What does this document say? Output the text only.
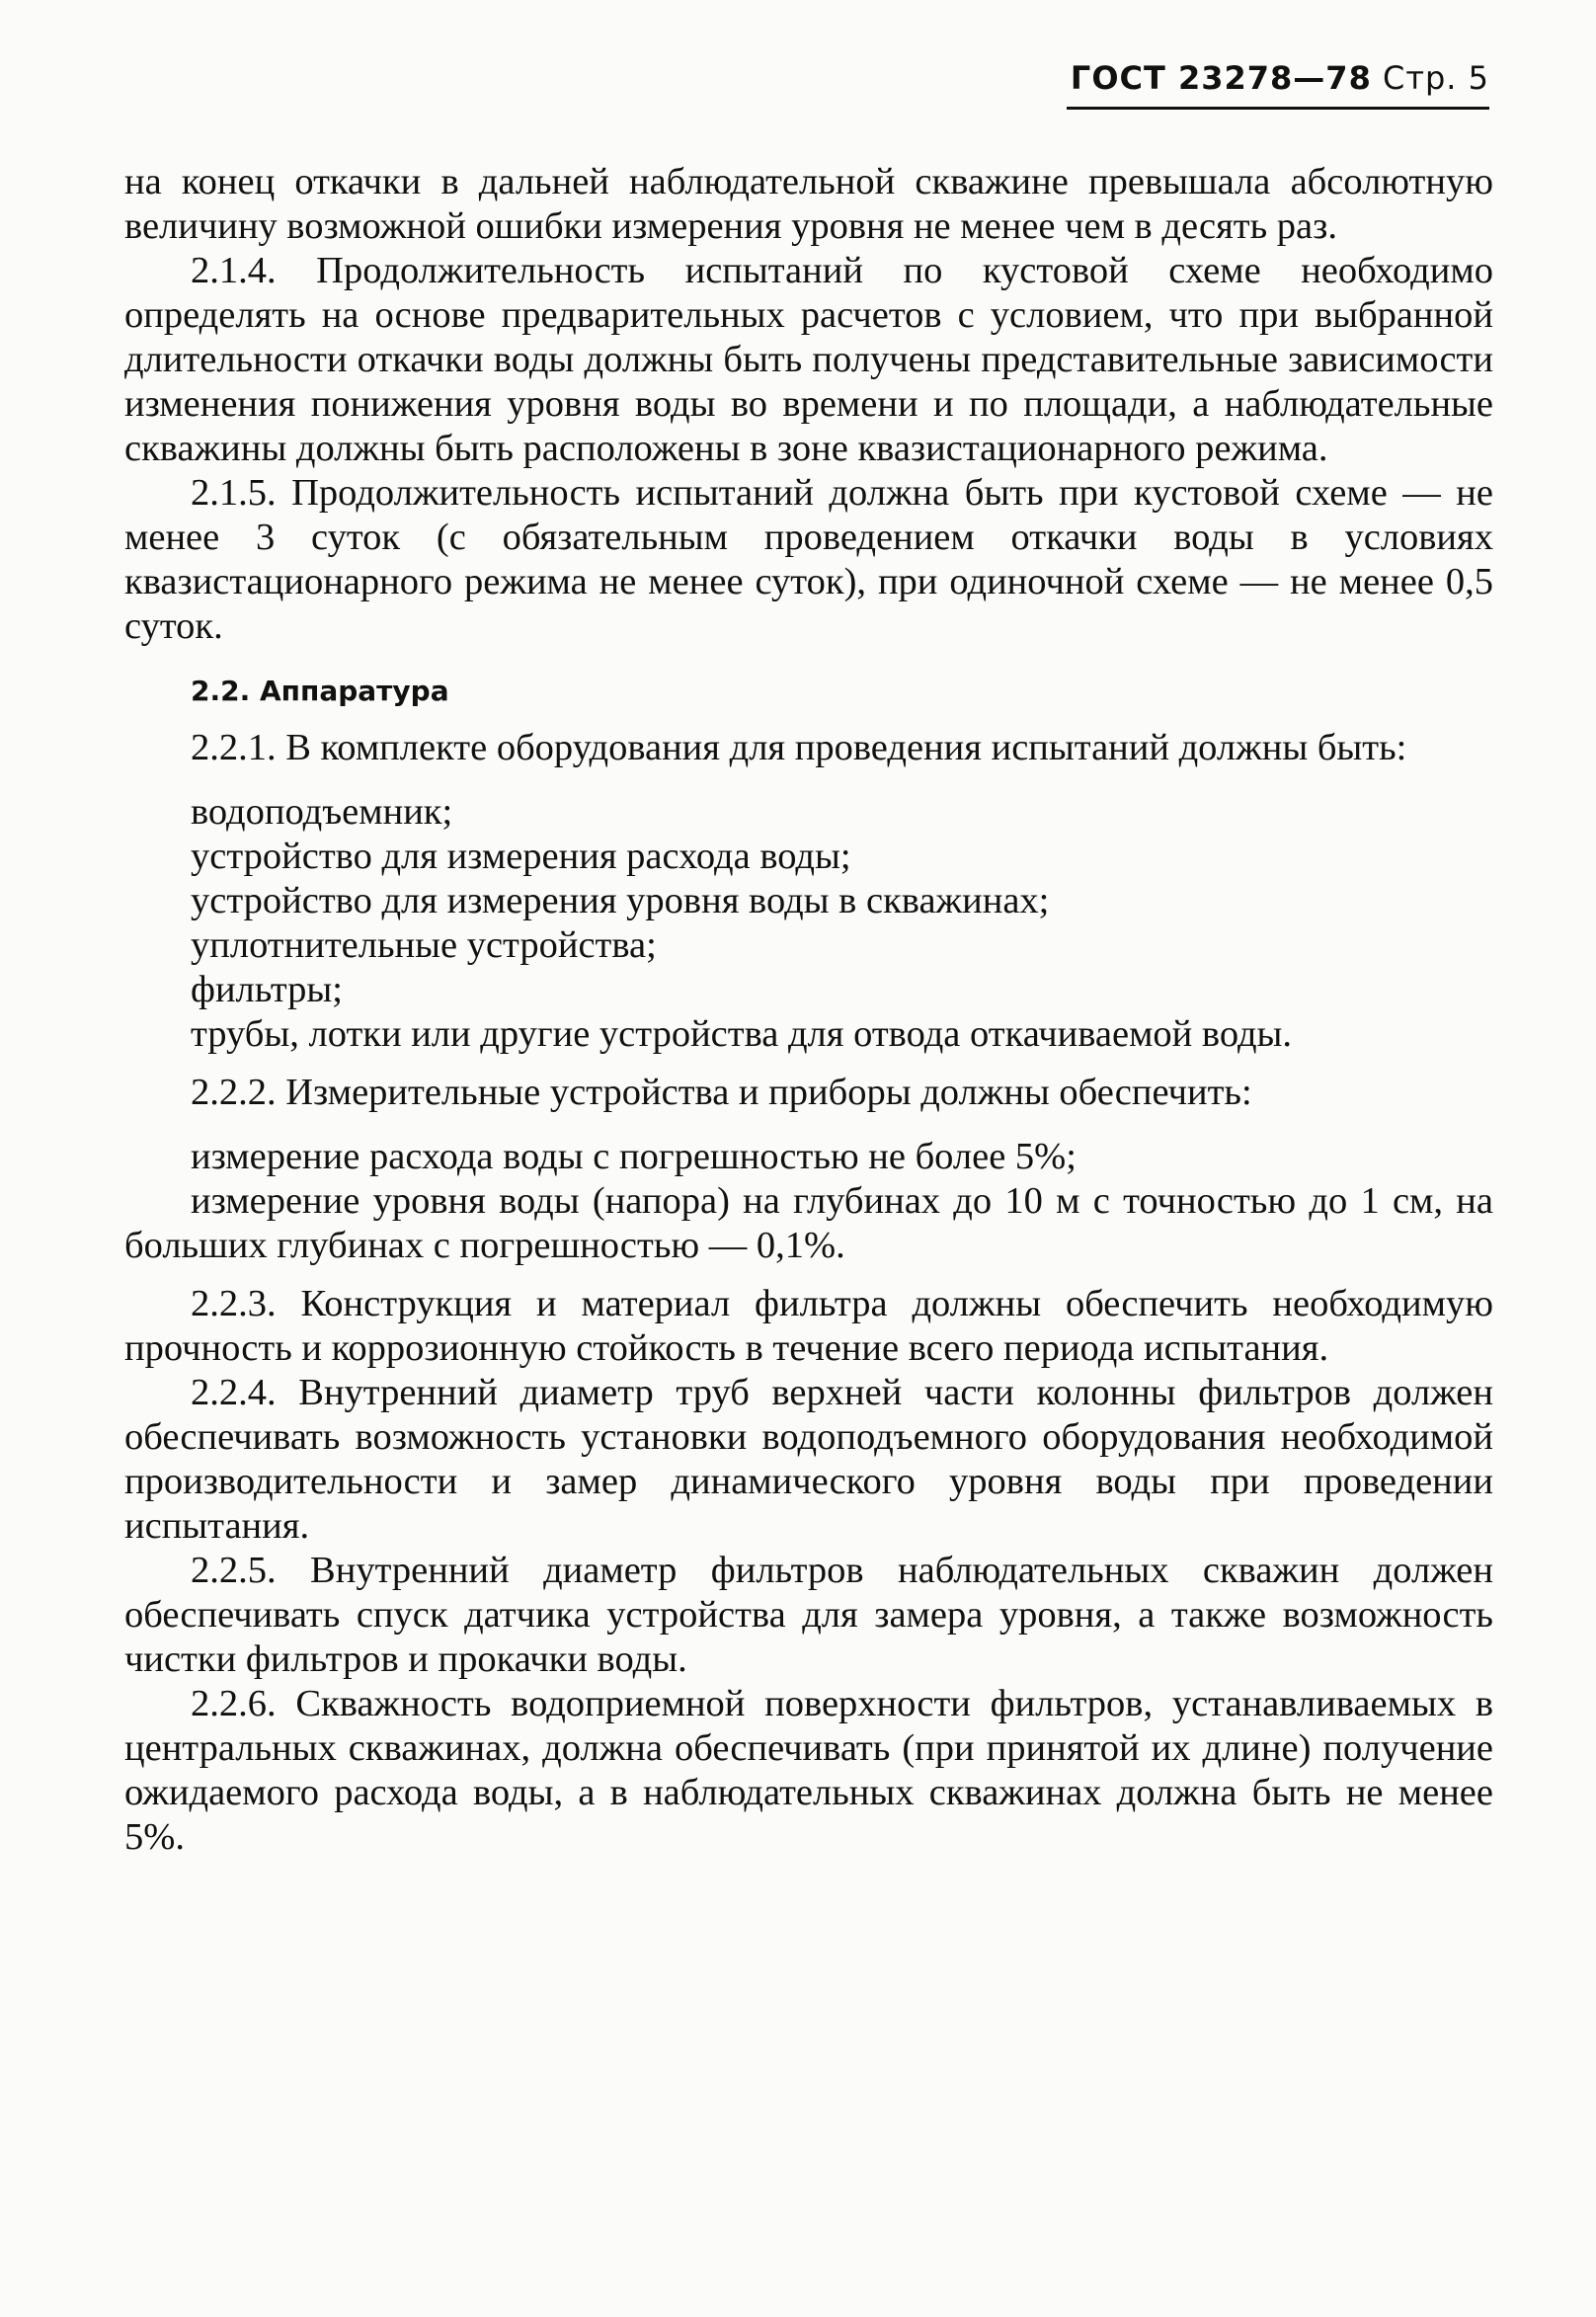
ГОСТ 23278—78 Стр. 5

на конец откачки в дальней наблюдательной скважине превышала абсолютную величину возможной ошибки измерения уровня не менее чем в десять раз.

2.1.4. Продолжительность испытаний по кустовой схеме необходимо определять на основе предварительных расчетов с условием, что при выбранной длительности откачки воды должны быть получены представительные зависимости изменения понижения уровня воды во времени и по площади, а наблюдательные скважины должны быть расположены в зоне квазистационарного режима.

2.1.5. Продолжительность испытаний должна быть при кустовой схеме — не менее 3 суток (с обязательным проведением откачки воды в условиях квазистационарного режима не менее суток), при одиночной схеме — не менее 0,5 суток.

2.2. Аппаратура

2.2.1. В комплекте оборудования для проведения испытаний должны быть:

водоподъемник;
устройство для измерения расхода воды;
устройство для измерения уровня воды в скважинах;
уплотнительные устройства;
фильтры;
трубы, лотки или другие устройства для отвода откачиваемой воды.

2.2.2. Измерительные устройства и приборы должны обеспечить:

измерение расхода воды с погрешностью не более 5%;
измерение уровня воды (напора) на глубинах до 10 м с точностью до 1 см, на больших глубинах с погрешностью — 0,1%.

2.2.3. Конструкция и материал фильтра должны обеспечить необходимую прочность и коррозионную стойкость в течение всего периода испытания.

2.2.4. Внутренний диаметр труб верхней части колонны фильтров должен обеспечивать возможность установки водоподъемного оборудования необходимой производительности и замер динамического уровня воды при проведении испытания.

2.2.5. Внутренний диаметр фильтров наблюдательных скважин должен обеспечивать спуск датчика устройства для замера уровня, а также возможность чистки фильтров и прокачки воды.

2.2.6. Скважность водоприемной поверхности фильтров, устанавливаемых в центральных скважинах, должна обеспечивать (при принятой их длине) получение ожидаемого расхода воды, а в наблюдательных скважинах должна быть не менее 5%.
